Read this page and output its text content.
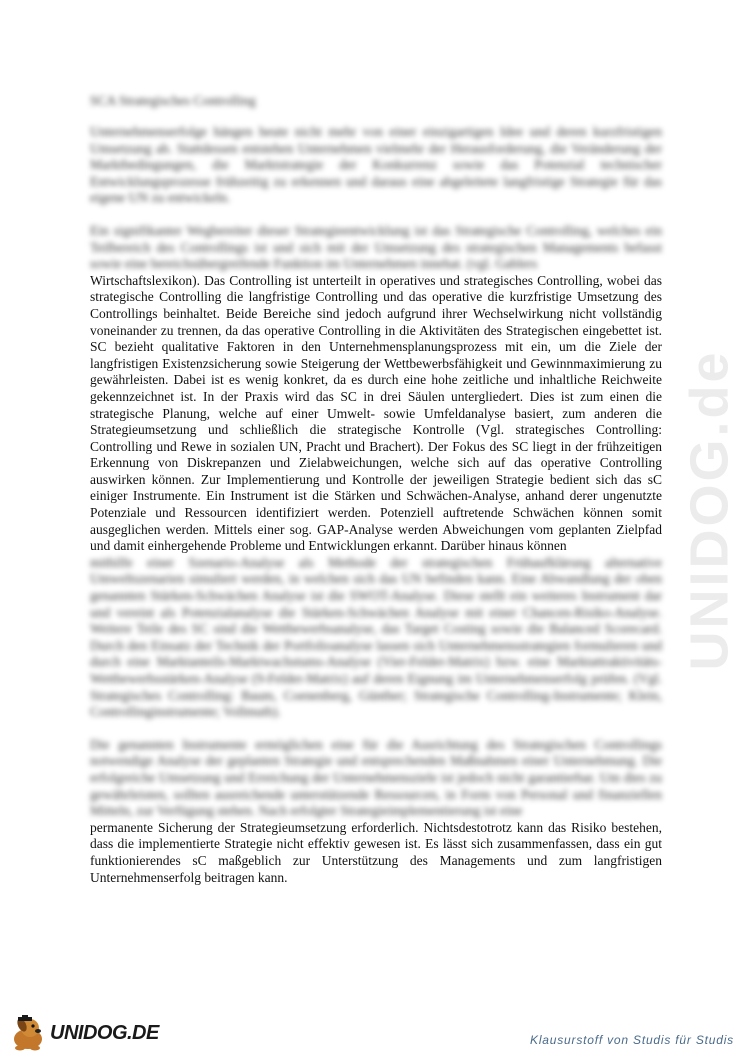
SCA Strategisches Controlling

Unternehmenserfolge hängen heute nicht mehr von einer einzigartigen Idee und deren kurzfristigen Umsetzung ab. Stattdessen entstehen Unternehmen vielmehr der Herausforderung, die Veränderung der Marktbedingungen, die Marktstrategie der Konkurrenz sowie das Potenzial technischer Entwicklungsprozesse frühzeitig zu erkennen und daraus eine abgeleitete langfristige Strategie für das eigene UN zu entwickeln.

Ein signifikanter Wegbereiter dieser Strategieentwicklung ist das Strategische Controlling, welches ein Teilbereich des Controllings ist und sich mit der Umsetzung des strategischen Managements befasst sowie eine bereichsübergreifende Funktion im Unternehmen innehat. (vgl. Gablers

Wirtschaftslexikon). Das Controlling ist unterteilt in operatives und strategisches Controlling, wobei das strategische Controlling die langfristige Controlling und das operative die kurzfristige Umsetzung des Controllings beinhaltet. Beide Bereiche sind jedoch aufgrund ihrer Wechselwirkung nicht vollständig voneinander zu trennen, da das operative Controlling in die Aktivitäten des Strategischen eingebettet ist. SC bezieht qualitative Faktoren in den Unternehmensplanungsprozess mit ein, um die Ziele der langfristigen Existenzsicherung sowie Steigerung der Wettbewerbsfähigkeit und Gewinnmaximierung zu gewährleisten. Dabei ist es wenig konkret, da es durch eine hohe zeitliche und inhaltliche Reichweite gekennzeichnet ist. In der Praxis wird das SC in drei Säulen untergliedert. Dies ist zum einen die strategische Planung, welche auf einer Umwelt- sowie Umfeldanalyse basiert, zum anderen die Strategieumsetzung und schließlich die strategische Kontrolle (Vgl. strategisches Controlling: Controlling und Rewe in sozialen UN, Pracht und Brachert). Der Fokus des SC liegt in der frühzeitigen Erkennung von Diskrepanzen und Zielabweichungen, welche sich auf das operative Controlling auswirken können. Zur Implementierung und Kontrolle der jeweiligen Strategie bedient sich das sC einiger Instrumente. Ein Instrument ist die Stärken und Schwächen-Analyse, anhand derer ungenutzte Potenziale und Ressourcen identifiziert werden. Potenziell auftretende Schwächen können somit ausgeglichen werden. Mittels einer sog. GAP-Analyse werden Abweichungen vom geplanten Zielpfad und damit einhergehende Probleme und Entwicklungen erkannt. Darüber hinaus können

mithilfe einer Szenario-Analyse als Methode der strategischen Frühaufklärung alternative Umweltszenarien simuliert werden, in welchen sich das UN befinden kann. Eine Abwandlung der oben genannten Stärken-Schwächen Analyse ist die SWOT-Analyse. Diese stellt ein weiteres Instrument dar und vereint als Potenzialanalyse die Stärken-Schwächen Analyse mit einer Chancen-Risiko-Analyse. Weitere Teile des SC sind die Wettbewerbsanalyse, das Target Costing sowie die Balanced Scorecard. Durch den Einsatz der Technik der Portfolioanalyse lassen sich Unternehmensstrategien formulieren und durch eine Marktanteils-Marktwachstums-Analyse (Vier-Felder-Matrix) bzw. eine Marktattraktivitäts-Wettbewerbsstärken-Analyse (9-Felder-Matrix) auf deren Eignung im Unternehmenserfolg prüfen. (Vgl. Strategisches Controlling: Baum, Coenenberg, Günther; Strategische Controlling-Instrumente; Klein, Controllinginstrumente; Vollmuth).

Die genannten Instrumente ermöglichen eine für die Ausrichtung des Strategischen Controllings notwendige Analyse der geplanten Strategie und entsprechenden Maßnahmen einer Unternehmung. Die erfolgreiche Umsetzung und Erreichung der Unternehmensziele ist jedoch nicht garantierbar. Um dies zu gewährleisten, sollten ausreichende unterstützende Ressourcen, in Form von Personal und finanziellen Mitteln, zur Verfügung stehen. Nach erfolgter Strategieimplementierung ist eine

permanente Sicherung der Strategieumsetzung erforderlich. Nichtsdestotrotz kann das Risiko bestehen, dass die implementierte Strategie nicht effektiv gewesen ist. Es lässt sich zusammenfassen, dass ein gut funktionierendes sC maßgeblich zur Unterstützung des Managements und zum langfristigen Unternehmenserfolg beitragen kann.

UNIDOG.de
UNIDOG.DE	Klausurstoff von Studis für Studis
